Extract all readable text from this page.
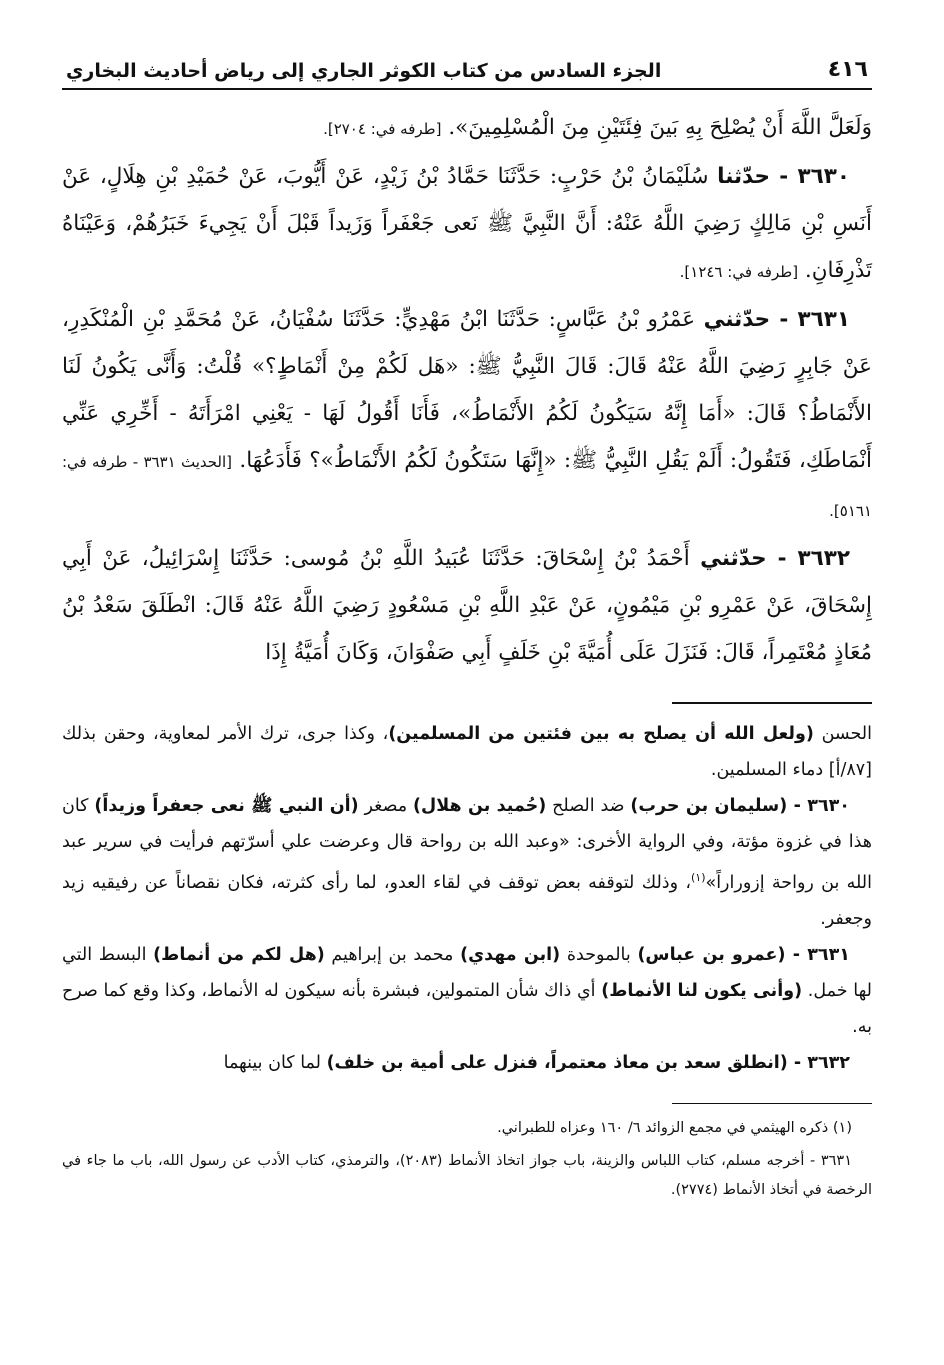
٤١٦
الجزء السادس من كتاب الكوثر الجاري إلى رياض أحاديث البخاري

وَلَعَلَّ اللَّهَ أَنْ يُصْلِحَ بِهِ بَينَ فِئَتَيْنِ مِنَ الْمُسْلِمِينَ». [طرفه في: ٢٧٠٤].

٣٦٣٠ - حدّثنا سُلَيْمَانُ بْنُ حَرْبٍ: حَدَّثَنَا حَمَّادُ بْنُ زَيْدٍ، عَنْ أَيُّوبَ، عَنْ حُمَيْدِ بْنِ هِلَالٍ، عَنْ أَنَسِ بْنِ مَالِكٍ رَضِيَ اللَّهُ عَنْهُ: أَنَّ النَّبِيَّ ﷺ نَعى جَعْفَراً وَزَيداً قَبْلَ أَنْ يَجِيءَ خَبَرُهُمْ، وَعَيْنَاهُ تَذْرِفَانِ. [طرفه في: ١٢٤٦].

٣٦٣١ - حدّثني عَمْرُو بْنُ عَبَّاسٍ: حَدَّثَنَا ابْنُ مَهْدِيٍّ: حَدَّثَنَا سُفْيَانُ، عَنْ مُحَمَّدِ بْنِ الْمُنْكَدِرِ، عَنْ جَابِرٍ رَضِيَ اللَّهُ عَنْهُ قَالَ: قَالَ النَّبِيُّ ﷺ: «هَل لَكُمْ مِنْ أَنْمَاطٍ؟» قُلْتُ: وَأَنَّى يَكُونُ لَنَا الأَنْمَاطُ؟ قَالَ: «أَمَا إِنَّهُ سَيَكُونُ لَكُمُ الأَنْمَاطُ»، فَأَنَا أَقُولُ لَهَا - يَعْنِي امْرَأَتَهُ - أَخِّرِي عَنِّي أَنْمَاطَكِ، فَتَقُولُ: أَلَمْ يَقُلِ النَّبِيُّ ﷺ: «إِنَّهَا سَتَكُونُ لَكُمُ الأَنْمَاطُ»؟ فَأَدَعُهَا. [الحديث ٣٦٣١ - طرفه في: ٥١٦١].

٣٦٣٢ - حدّثني أَحْمَدُ بْنُ إِسْحَاقَ: حَدَّثَنَا عُبَيدُ اللَّهِ بْنُ مُوسى: حَدَّثَنَا إِسْرَائِيلُ، عَنْ أَبِي إِسْحَاقَ، عَنْ عَمْرِو بْنِ مَيْمُونٍ، عَنْ عَبْدِ اللَّهِ بْنِ مَسْعُودٍ رَضِيَ اللَّهُ عَنْهُ قَالَ: انْطَلَقَ سَعْدُ بْنُ مُعَاذٍ مُعْتَمِراً، قَالَ: فَنَزَلَ عَلَى أُمَيَّةَ بْنِ خَلَفٍ أَبِي صَفْوَانَ، وَكَانَ أُمَيَّةُ إِذَا

الحسن (ولعل الله أن يصلح به بين فئتين من المسلمين)، وكذا جرى، ترك الأمر لمعاوية، وحقن بذلك [٨٧/أ] دماء المسلمين.

٣٦٣٠ - (سليمان بن حرب) ضد الصلح (حُميد بن هلال) مصغر (أن النبي ﷺ نعى جعفراً وزيداً) كان هذا في غزوة مؤتة، وفي الرواية الأخرى: «وعبد الله بن رواحة قال وعرضت علي أسرّتهم فرأيت في سرير عبد الله بن رواحة إزوراراً»$^{(١)}$، وذلك لتوقفه بعض توقف في لقاء العدو، لما رأى كثرته، فكان نقصاناً عن رفيقيه زيد وجعفر.

٣٦٣١ - (عمرو بن عباس) بالموحدة (ابن مهدي) محمد بن إبراهيم (هل لكم من أنماط) البسط التي لها خمل. (وأنى يكون لنا الأنماط) أي ذاك شأن المتمولين، فبشرة بأنه سيكون له الأنماط، وكذا وقع كما صرح به.

٣٦٣٢ - (انطلق سعد بن معاذ معتمراً، فنزل على أمية بن خلف) لما كان بينهما

(١) ذكره الهيثمي في مجمع الزوائد ٦/ ١٦٠ وعزاه للطبراني.

٣٦٣١ - أخرجه مسلم، كتاب اللباس والزينة، باب جواز اتخاذ الأنماط (٢٠٨٣)، والترمذي، كتاب الأدب عن رسول الله، باب ما جاء في الرخصة في أتخاذ الأنماط (٢٧٧٤).
